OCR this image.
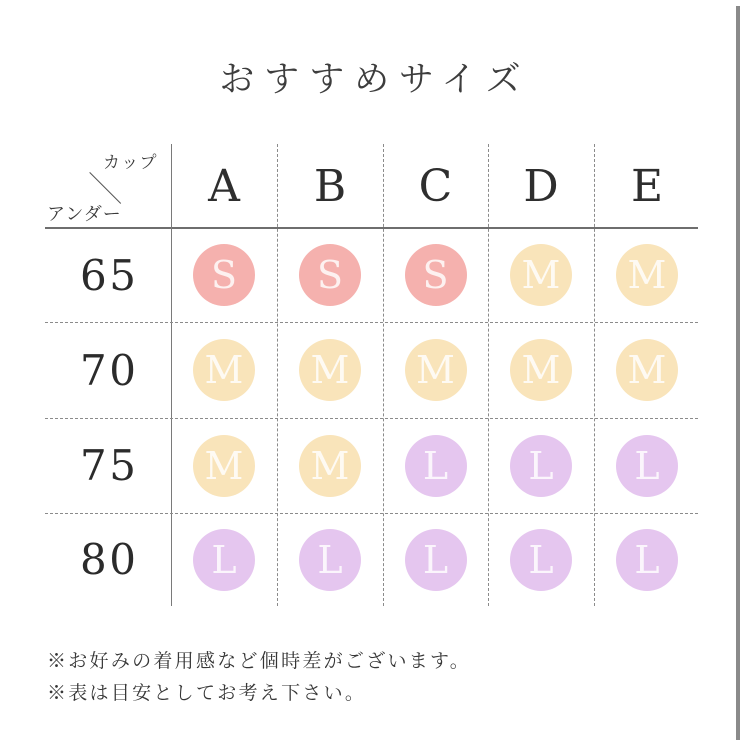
おすすめサイズ
カップ
アンダー
A	B	C	D	E
65	S	S	S	M	M
70	M	M	M	M	M
75	M	M	L	L	L
80	L	L	L	L	L
※お好みの着用感など個時差がございます。
※表は目安としてお考え下さい。
